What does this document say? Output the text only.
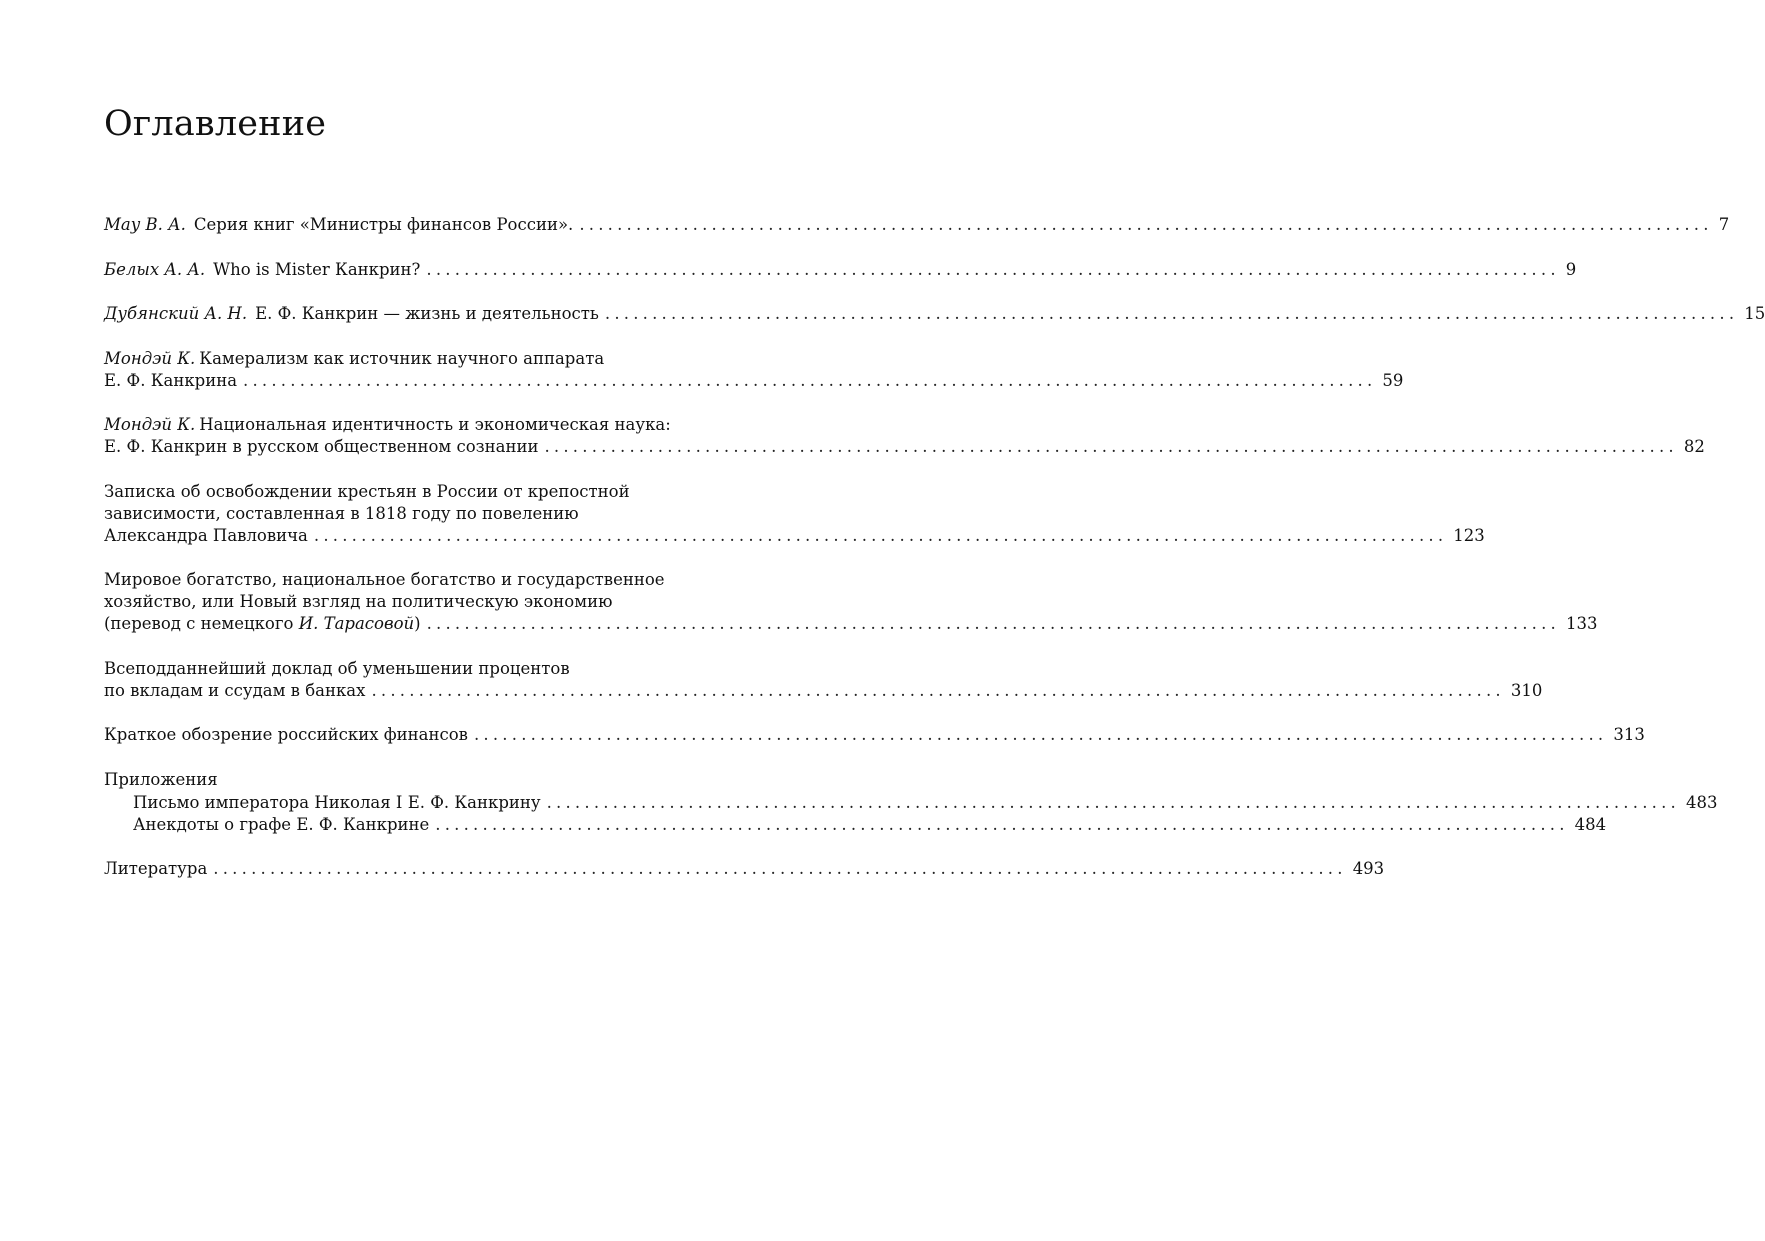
Оглавление
Мау В. А. Серия книг «Министры финансов России». ........................................................................................................................ 7
Белых А. А. Who is Mister Канкрин? ........................................................................................................................ 9
Дубянский А. Н. Е. Ф. Канкрин — жизнь и деятельность ........................................................................................................................ 15
Мондэй К. Камерализм как источник научного аппарата
Е. Ф. Канкрина ........................................................................................................................ 59
Мондэй К. Национальная идентичность и экономическая наука:
Е. Ф. Канкрин в русском общественном сознании ........................................................................................................................ 82
Записка об освобождении крестьян в России от крепостной
зависимости, составленная в 1818 году по повелению
Александра Павловича ........................................................................................................................ 123
Мировое богатство, национальное богатство и государственное
хозяйство, или Новый взгляд на политическую экономию
(перевод с немецкого И. Тарасовой) ........................................................................................................................ 133
Всеподданнейший доклад об уменьшении процентов
по вкладам и ссудам в банках ........................................................................................................................ 310
Краткое обозрение российских финансов ........................................................................................................................ 313
Приложения
Письмо императора Николая I Е. Ф. Канкрину ........................................................................................................................ 483
Анекдоты о графе Е. Ф. Канкрине ........................................................................................................................ 484
Литература ........................................................................................................................ 493
